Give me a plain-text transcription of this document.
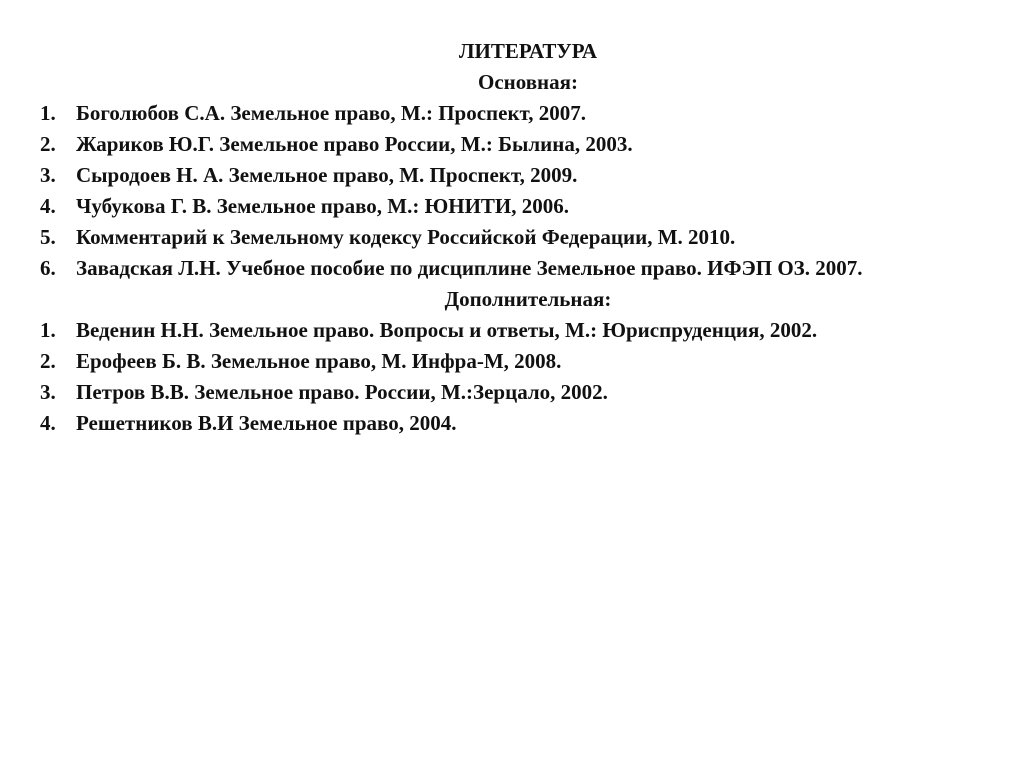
ЛИТЕРАТУРА

Основная:

1. Боголюбов С.А. Земельное право, М.: Проспект, 2007.
2. Жариков Ю.Г. Земельное право России, М.: Былина, 2003.
3. Сыродоев Н. А. Земельное право, М. Проспект, 2009.
4. Чубукова Г. В. Земельное право, М.: ЮНИТИ, 2006.
5. Комментарий к Земельному кодексу Российской Федерации, М. 2010.
6. Завадская Л.Н. Учебное пособие по дисциплине Земельное право. ИФЭП ОЗ. 2007.

Дополнительная:

1. Веденин Н.Н. Земельное право. Вопросы и ответы, М.: Юриспруденция, 2002.
2. Ерофеев Б. В. Земельное право, М. Инфра-М, 2008.
3. Петров В.В. Земельное право. России, М.:Зерцало, 2002.
4. Решетников В.И Земельное право, 2004.
